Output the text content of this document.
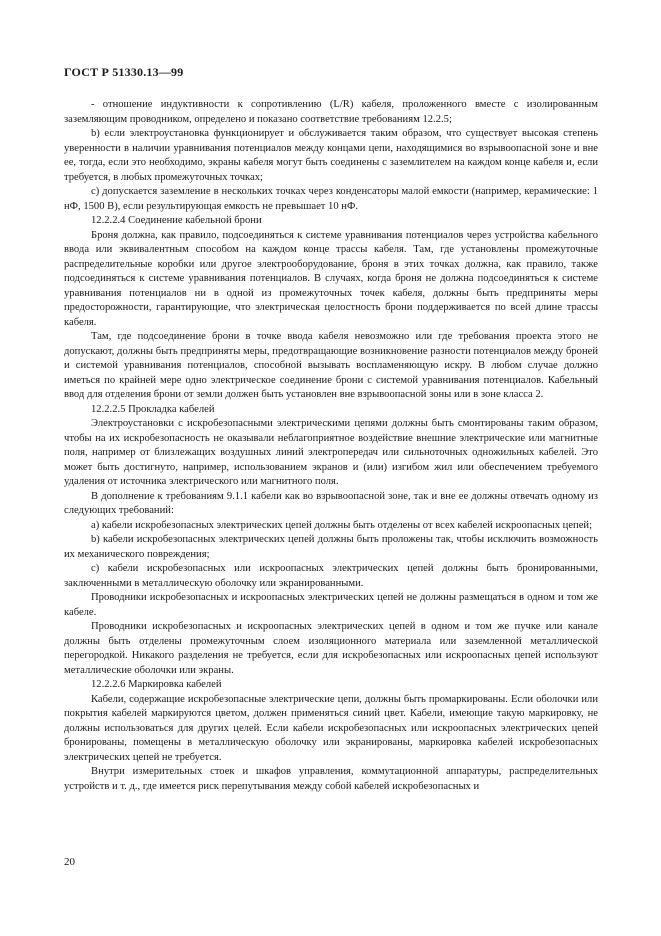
ГОСТ Р 51330.13—99

- отношение индуктивности к сопротивлению (L/R) кабеля, проложенного вместе с изолированным заземляющим проводником, определено и показано соответствие требованиям 12.2.5;

b) если электроустановка функционирует и обслуживается таким образом, что существует высокая степень уверенности в наличии уравнивания потенциалов между концами цепи, находящимися во взрывоопасной зоне и вне ее, тогда, если это необходимо, экраны кабеля могут быть соединены с заземлителем на каждом конце кабеля и, если требуется, в любых промежуточных точках;

c) допускается заземление в нескольких точках через конденсаторы малой емкости (например, керамические: 1 нФ, 1500 В), если результирующая емкость не превышает 10 нФ.

12.2.2.4 Соединение кабельной брони

Броня должна, как правило, подсоединяться к системе уравнивания потенциалов через устройства кабельного ввода или эквивалентным способом на каждом конце трассы кабеля. Там, где установлены промежуточные распределительные коробки или другое электрооборудование, броня в этих точках должна, как правило, также подсоединяться к системе уравнивания потенциалов. В случаях, когда броня не должна подсоединяться к системе уравнивания потенциалов ни в одной из промежуточных точек кабеля, должны быть предприняты меры предосторожности, гарантирующие, что электрическая целостность брони поддерживается по всей длине трассы кабеля.

Там, где подсоединение брони в точке ввода кабеля невозможно или где требования проекта этого не допускают, должны быть предприняты меры, предотвращающие возникновение разности потенциалов между броней и системой уравнивания потенциалов, способной вызывать воспламеняющую искру. В любом случае должно иметься по крайней мере одно электрическое соединение брони с системой уравнивания потенциалов. Кабельный ввод для отделения брони от земли должен быть установлен вне взрывоопасной зоны или в зоне класса 2.

12.2.2.5 Прокладка кабелей

Электроустановки с искробезопасными электрическими цепями должны быть смонтированы таким образом, чтобы на их искробезопасность не оказывали неблагоприятное воздействие внешние электрические или магнитные поля, например от близлежащих воздушных линий электропередач или сильноточных одножильных кабелей. Это может быть достигнуто, например, использованием экранов и (или) изгибом жил или обеспечением требуемого удаления от источника электрического или магнитного поля.

В дополнение к требованиям 9.1.1 кабели как во взрывоопасной зоне, так и вне ее должны отвечать одному из следующих требований:

a) кабели искробезопасных электрических цепей должны быть отделены от всех кабелей искроопасных цепей;

b) кабели искробезопасных электрических цепей должны быть проложены так, чтобы исключить возможность их механического повреждения;

c) кабели искробезопасных или искроопасных электрических цепей должны быть бронированными, заключенными в металлическую оболочку или экранированными.

Проводники искробезопасных и искроопасных электрических цепей не должны размещаться в одном и том же кабеле.

Проводники искробезопасных и искроопасных электрических цепей в одном и том же пучке или канале должны быть отделены промежуточным слоем изоляционного материала или заземленной металлической перегородкой. Никакого разделения не требуется, если для искробезопасных или искроопасных цепей используют металлические оболочки или экраны.

12.2.2.6 Маркировка кабелей

Кабели, содержащие искробезопасные электрические цепи, должны быть промаркированы. Если оболочки или покрытия кабелей маркируются цветом, должен применяться синий цвет. Кабели, имеющие такую маркировку, не должны использоваться для других целей. Если кабели искробезопасных или искроопасных электрических цепей бронированы, помещены в металлическую оболочку или экранированы, маркировка кабелей искробезопасных электрических цепей не требуется.

Внутри измерительных стоек и шкафов управления, коммутационной аппаратуры, распределительных устройств и т. д., где имеется риск перепутывания между собой кабелей искробезопасных и

20
